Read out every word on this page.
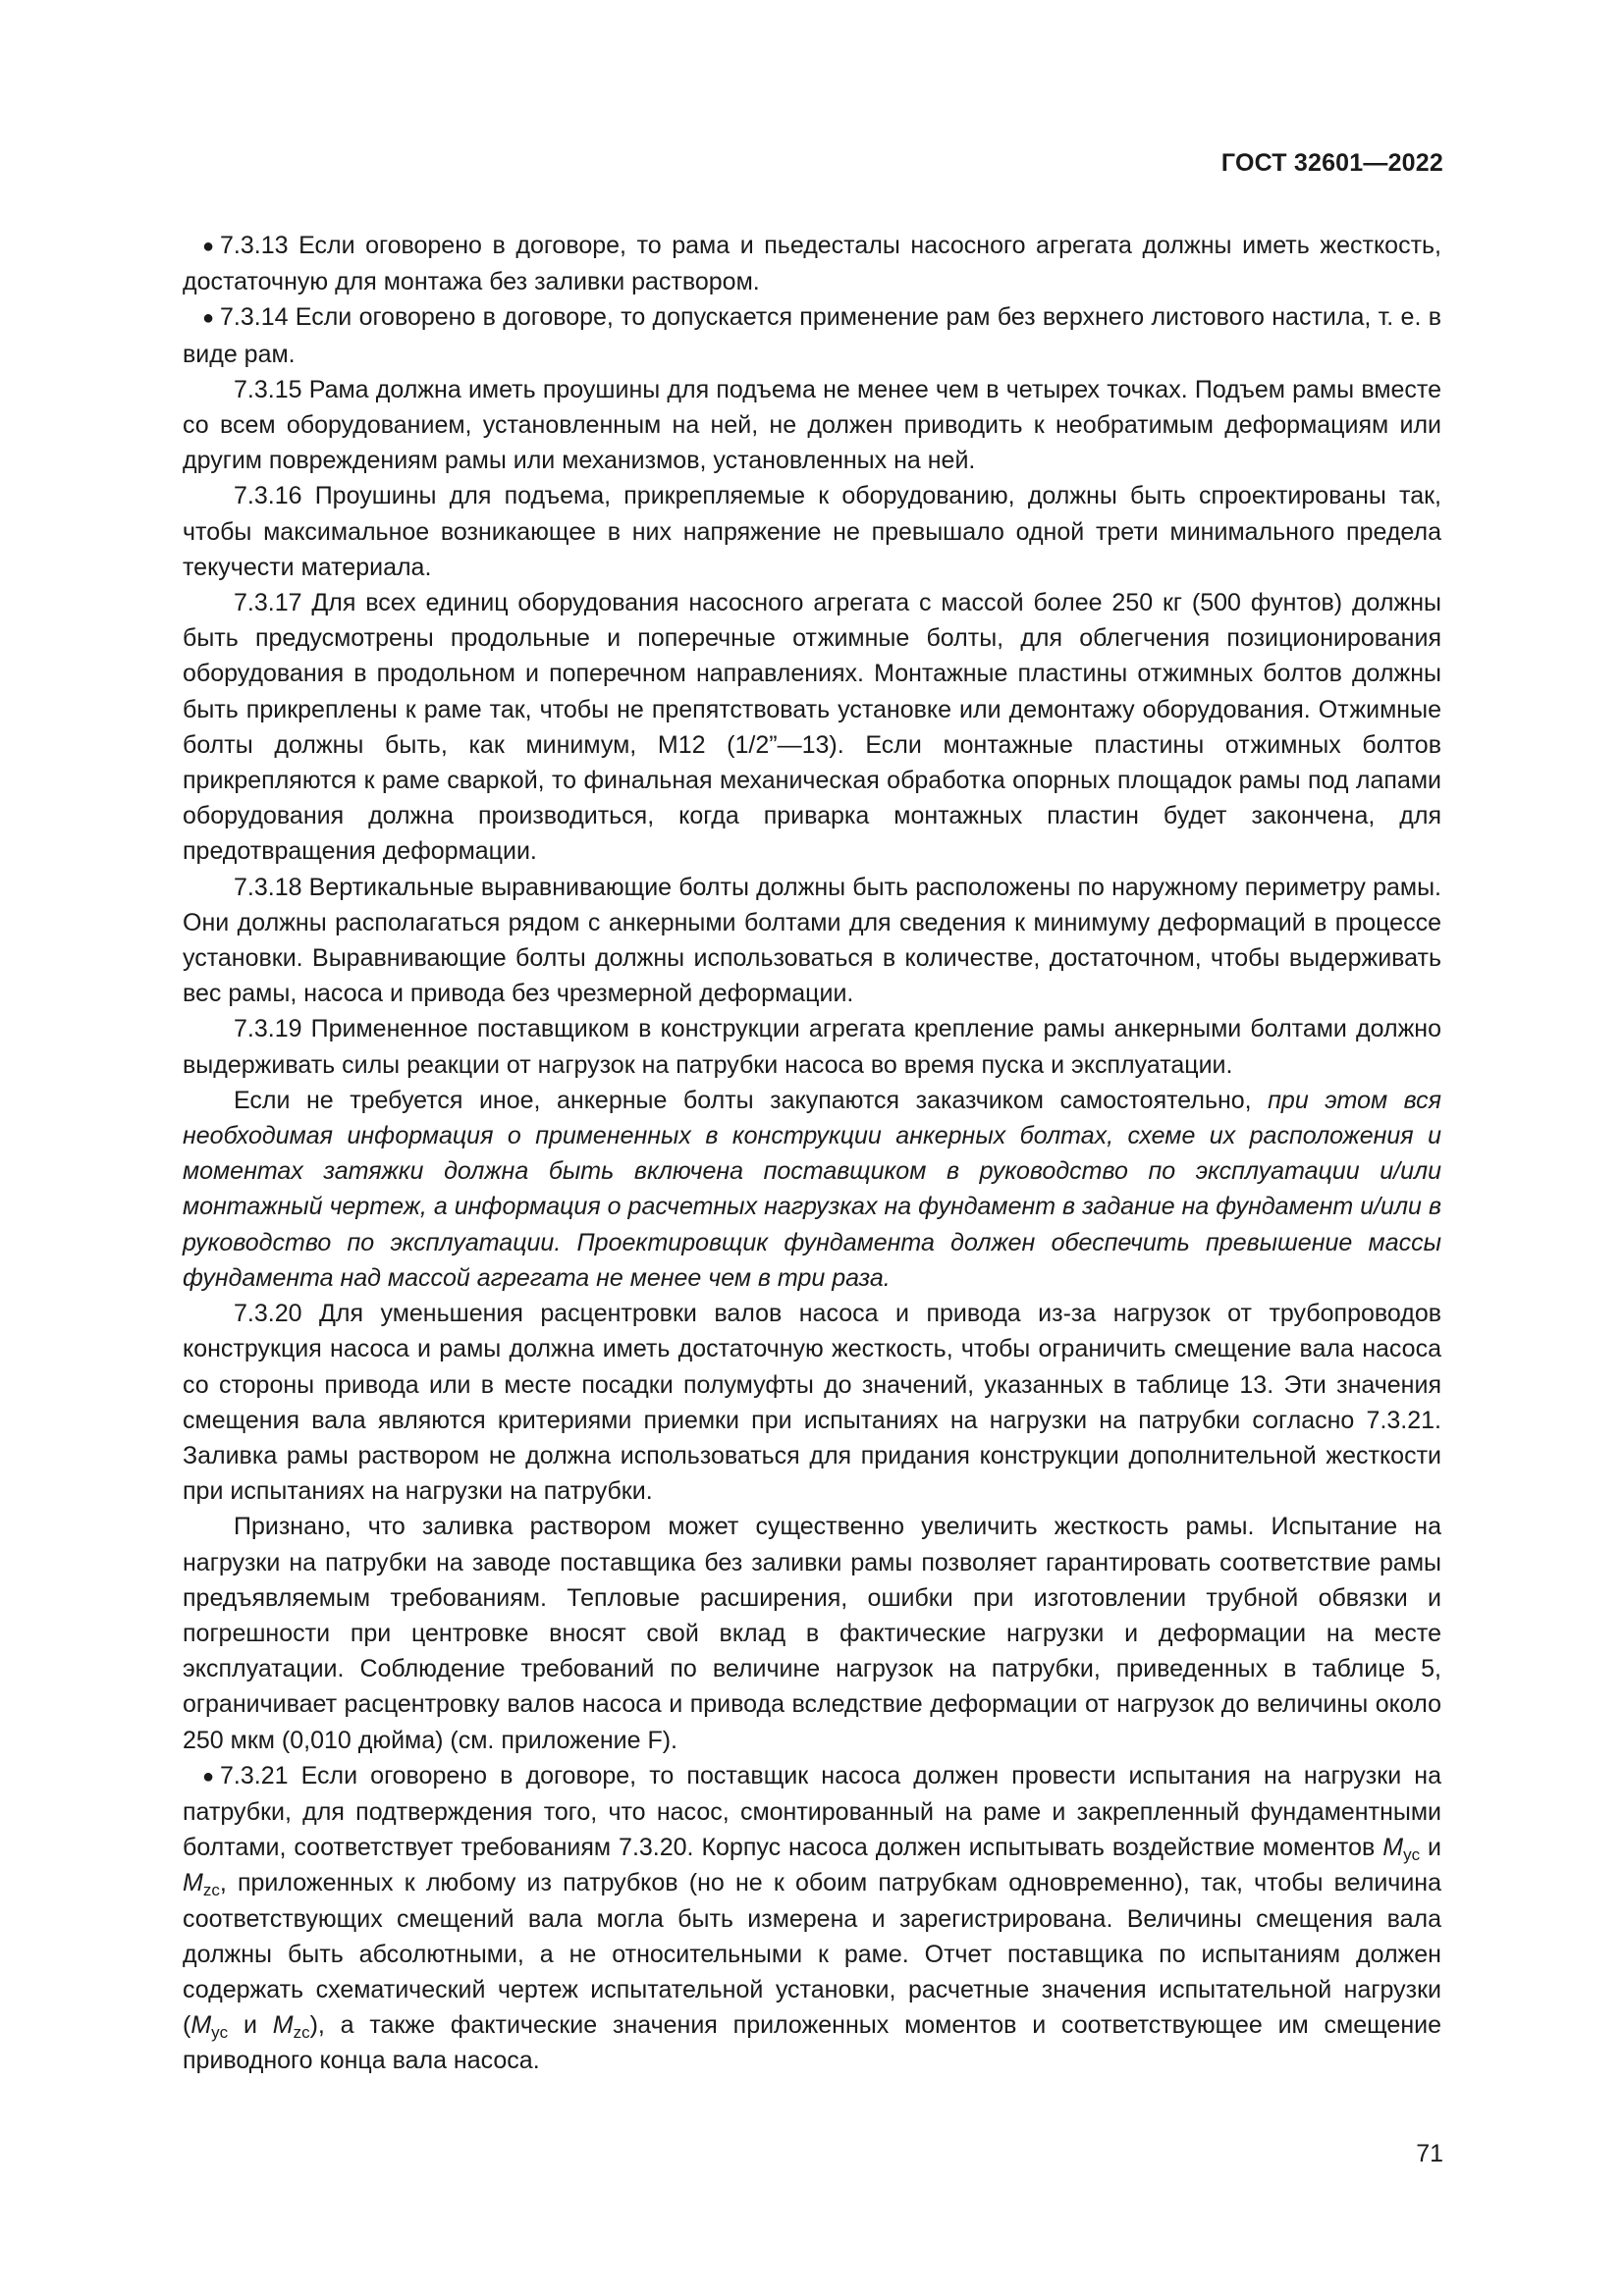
ГОСТ 32601—2022

● 7.3.13 Если оговорено в договоре, то рама и пьедесталы насосного агрегата должны иметь жесткость, достаточную для монтажа без заливки раствором.

● 7.3.14 Если оговорено в договоре, то допускается применение рам без верхнего листового настила, т. е. в виде рам.

7.3.15 Рама должна иметь проушины для подъема не менее чем в четырех точках. Подъем рамы вместе со всем оборудованием, установленным на ней, не должен приводить к необратимым деформациям или другим повреждениям рамы или механизмов, установленных на ней.

7.3.16 Проушины для подъема, прикрепляемые к оборудованию, должны быть спроектированы так, чтобы максимальное возникающее в них напряжение не превышало одной трети минимального предела текучести материала.

7.3.17 Для всех единиц оборудования насосного агрегата с массой более 250 кг (500 фунтов) должны быть предусмотрены продольные и поперечные отжимные болты, для облегчения позиционирования оборудования в продольном и поперечном направлениях. Монтажные пластины отжимных болтов должны быть прикреплены к раме так, чтобы не препятствовать установке или демонтажу оборудования. Отжимные болты должны быть, как минимум, М12 (1/2”—13). Если монтажные пластины отжимных болтов прикрепляются к раме сваркой, то финальная механическая обработка опорных площадок рамы под лапами оборудования должна производиться, когда приварка монтажных пластин будет закончена, для предотвращения деформации.

7.3.18 Вертикальные выравнивающие болты должны быть расположены по наружному периметру рамы. Они должны располагаться рядом с анкерными болтами для сведения к минимуму деформаций в процессе установки. Выравнивающие болты должны использоваться в количестве, достаточном, чтобы выдерживать вес рамы, насоса и привода без чрезмерной деформации.

7.3.19 Примененное поставщиком в конструкции агрегата крепление рамы анкерными болтами должно выдерживать силы реакции от нагрузок на патрубки насоса во время пуска и эксплуатации.

Если не требуется иное, анкерные болты закупаются заказчиком самостоятельно, при этом вся необходимая информация о примененных в конструкции анкерных болтах, схеме их расположения и моментах затяжки должна быть включена поставщиком в руководство по эксплуатации и/или монтажный чертеж, а информация о расчетных нагрузках на фундамент в задание на фундамент и/или в руководство по эксплуатации. Проектировщик фундамента должен обеспечить превышение массы фундамента над массой агрегата не менее чем в три раза.

7.3.20 Для уменьшения расцентровки валов насоса и привода из-за нагрузок от трубопроводов конструкция насоса и рамы должна иметь достаточную жесткость, чтобы ограничить смещение вала насоса со стороны привода или в месте посадки полумуфты до значений, указанных в таблице 13. Эти значения смещения вала являются критериями приемки при испытаниях на нагрузки на патрубки согласно 7.3.21. Заливка рамы раствором не должна использоваться для придания конструкции дополнительной жесткости при испытаниях на нагрузки на патрубки.

Признано, что заливка раствором может существенно увеличить жесткость рамы. Испытание на нагрузки на патрубки на заводе поставщика без заливки рамы позволяет гарантировать соответствие рамы предъявляемым требованиям. Тепловые расширения, ошибки при изготовлении трубной обвязки и погрешности при центровке вносят свой вклад в фактические нагрузки и деформации на месте эксплуатации. Соблюдение требований по величине нагрузок на патрубки, приведенных в таблице 5, ограничивает расцентровку валов насоса и привода вследствие деформации от нагрузок до величины около 250 мкм (0,010 дюйма) (см. приложение F).

● 7.3.21 Если оговорено в договоре, то поставщик насоса должен провести испытания на нагрузки на патрубки, для подтверждения того, что насос, смонтированный на раме и закрепленный фундаментными болтами, соответствует требованиям 7.3.20. Корпус насоса должен испытывать воздействие моментов $M_{yc}$ и $M_{zc}$, приложенных к любому из патрубков (но не к обоим патрубкам одновременно), так, чтобы величина соответствующих смещений вала могла быть измерена и зарегистрирована. Величины смещения вала должны быть абсолютными, а не относительными к раме. Отчет поставщика по испытаниям должен содержать схематический чертеж испытательной установки, расчетные значения испытательной нагрузки ($M_{yc}$ и $M_{zc}$), а также фактические значения приложенных моментов и соответствующее им смещение приводного конца вала насоса.

71
